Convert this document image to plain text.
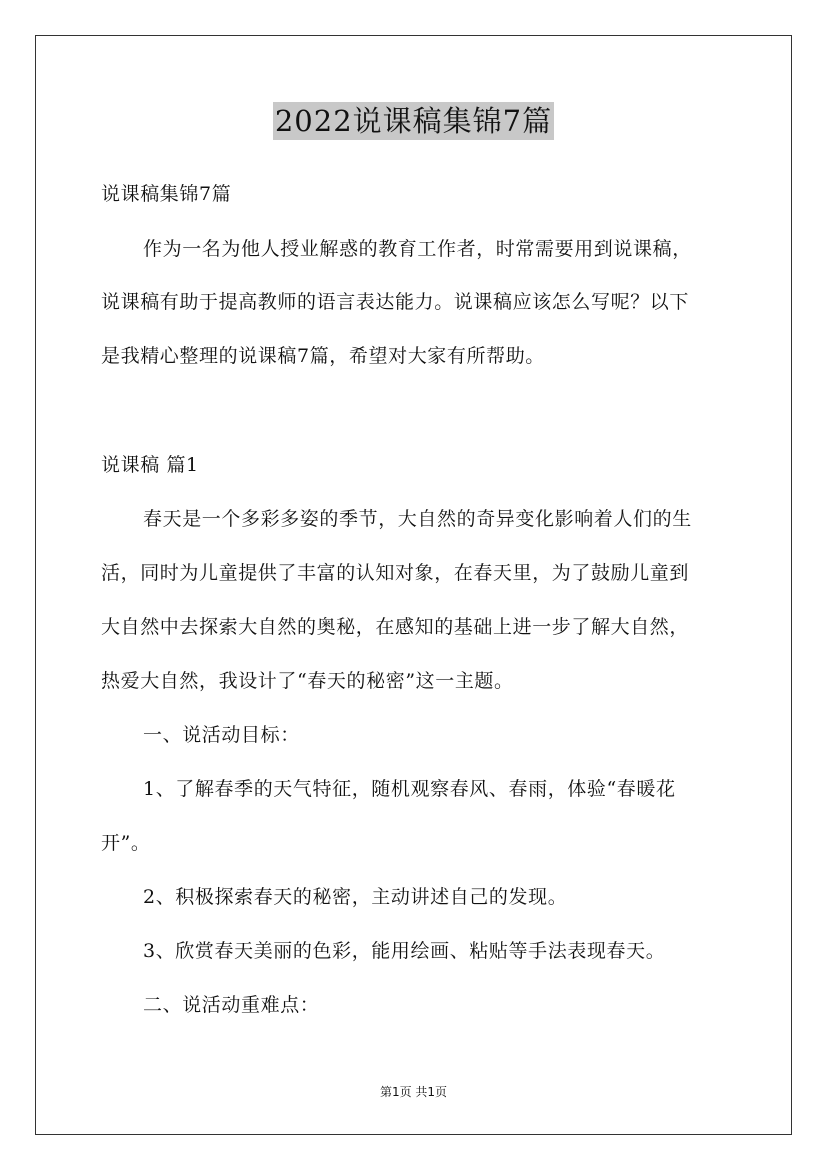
2022说课稿集锦7篇
说课稿集锦7篇
作为一名为他人授业解惑的教育工作者，时常需要用到说课稿，
说课稿有助于提高教师的语言表达能力。说课稿应该怎么写呢？以下
是我精心整理的说课稿7篇，希望对大家有所帮助。
说课稿 篇1
春天是一个多彩多姿的季节，大自然的奇异变化影响着人们的生
活，同时为儿童提供了丰富的认知对象，在春天里，为了鼓励儿童到
大自然中去探索大自然的奥秘，在感知的基础上进一步了解大自然，
热爱大自然，我设计了“春天的秘密”这一主题。
一、说活动目标：
1、了解春季的天气特征，随机观察春风、春雨，体验“春暖花
开”。
2、积极探索春天的秘密，主动讲述自己的发现。
3、欣赏春天美丽的色彩，能用绘画、粘贴等手法表现春天。
二、说活动重难点：
第1页 共1页
